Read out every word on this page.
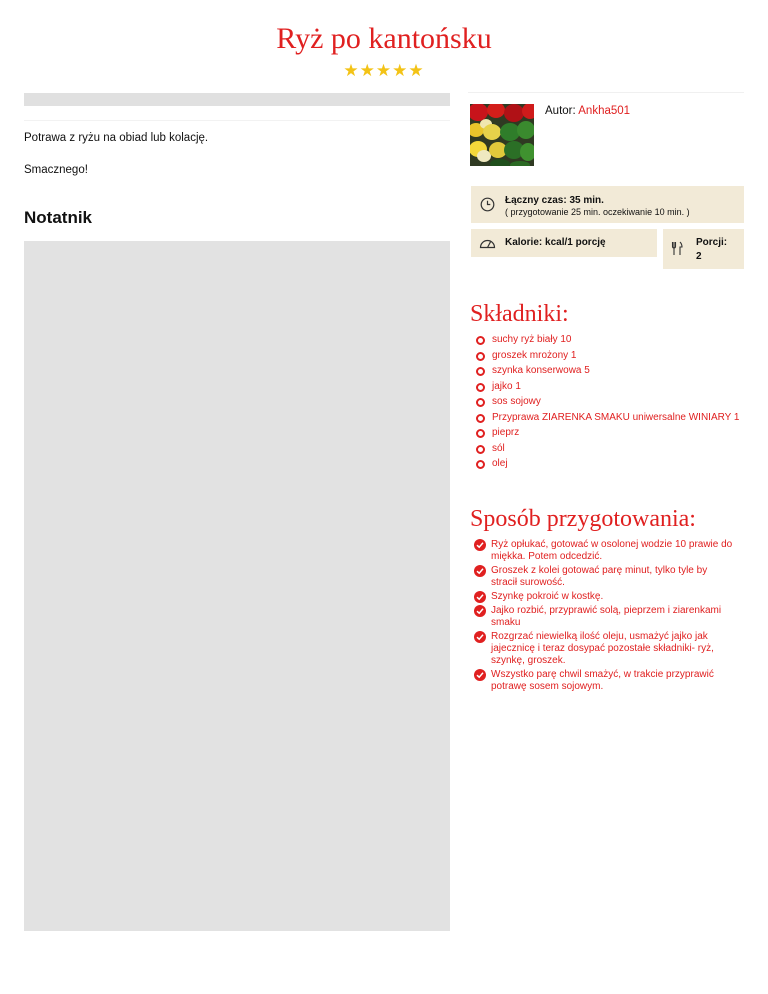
Ryż po kantońsku
★★★★★

Potrawa z ryżu na obiad lub kolację.

Smacznego!

Notatnik
Autor: Ankha501
Łączny czas: 35 min.
( przygotowanie 25 min. oczekiwanie 10 min. )
Kalorie: kcal/1 porcję	Porcji:
2
Składniki:
suchy ryż biały 10
groszek mrożony 1
szynka konserwowa 5
jajko 1
sos sojowy
Przyprawa ZIARENKA SMAKU uniwersalne WINIARY 1
pieprz
sól
olej
Sposób przygotowania:
Ryż opłukać, gotować w osolonej wodzie 10 prawie do miękka. Potem odcedzić.
Groszek z kolei gotować parę minut, tylko tyle by stracił surowość.
Szynkę pokroić w kostkę.
Jajko rozbić, przyprawić solą, pieprzem i ziarenkami smaku
Rozgrzać niewielką ilość oleju, usmażyć jajko jak jajecznicę i teraz dosypać pozostałe składniki- ryż, szynkę, groszek.
Wszystko parę chwil smażyć, w trakcie przyprawić potrawę sosem sojowym.
